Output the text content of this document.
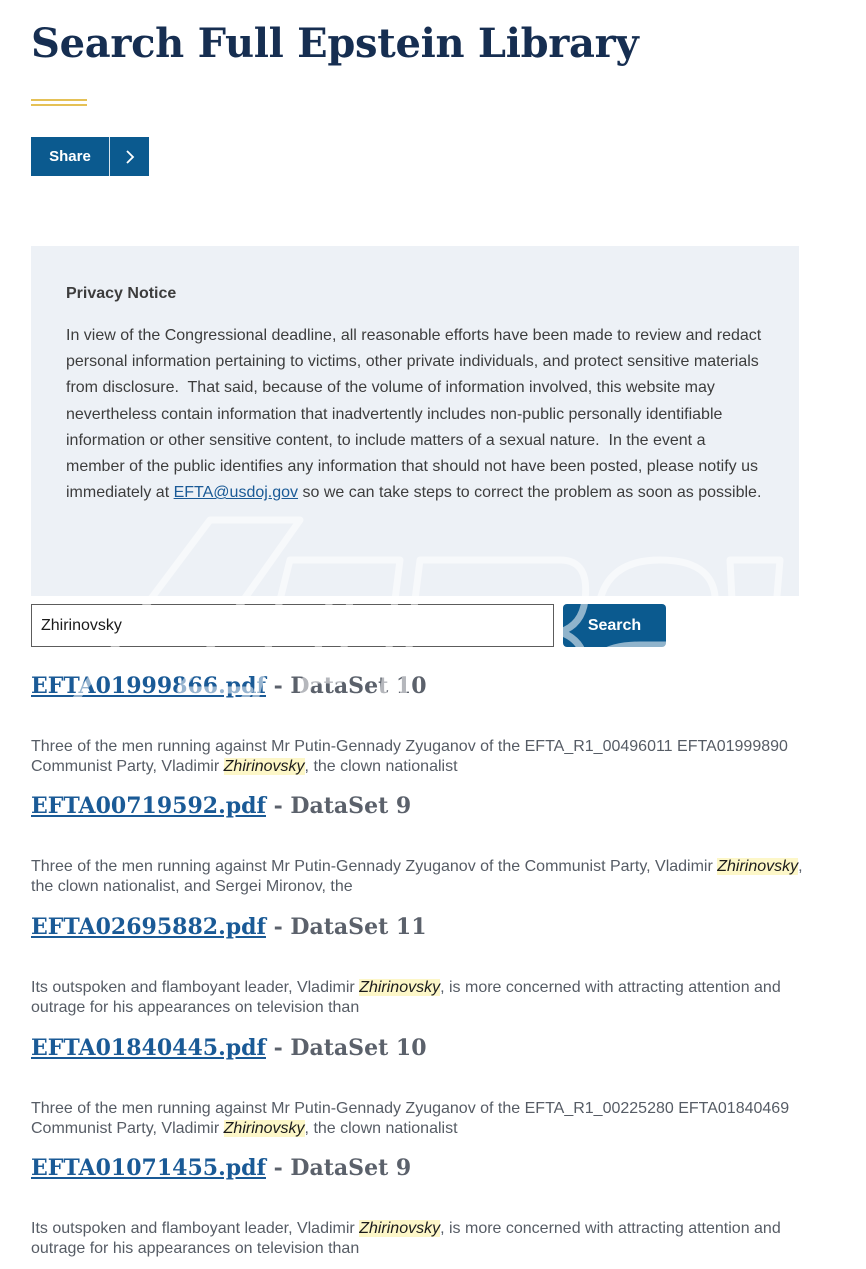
Search Full Epstein Library
Share

Privacy Notice

In view of the Congressional deadline, all reasonable efforts have been made to review and redact personal information pertaining to victims, other private individuals, and protect sensitive materials from disclosure.  That said, because of the volume of information involved, this website may nevertheless contain information that inadvertently includes non-public personally identifiable information or other sensitive content, to include matters of a sexual nature.  In the event a member of the public identifies any information that should not have been posted, please notify us immediately at EFTA@usdoj.gov so we can take steps to correct the problem as soon as possible.

Zhirinovsky
Search

EFTA01999866.pdf - DataSet 10

Three of the men running against Mr Putin-Gennady Zyuganov of the EFTA_R1_00496011 EFTA01999890 Communist Party, Vladimir Zhirinovsky, the clown nationalist

EFTA00719592.pdf - DataSet 9

Three of the men running against Mr Putin-Gennady Zyuganov of the Communist Party, Vladimir Zhirinovsky, the clown nationalist, and Sergei Mironov, the

EFTA02695882.pdf - DataSet 11

Its outspoken and flamboyant leader, Vladimir Zhirinovsky, is more concerned with attracting attention and outrage for his appearances on television than

EFTA01840445.pdf - DataSet 10

Three of the men running against Mr Putin-Gennady Zyuganov of the EFTA_R1_00225280 EFTA01840469 Communist Party, Vladimir Zhirinovsky, the clown nationalist

EFTA01071455.pdf - DataSet 9

Its outspoken and flamboyant leader, Vladimir Zhirinovsky, is more concerned with attracting attention and outrage for his appearances on television than
